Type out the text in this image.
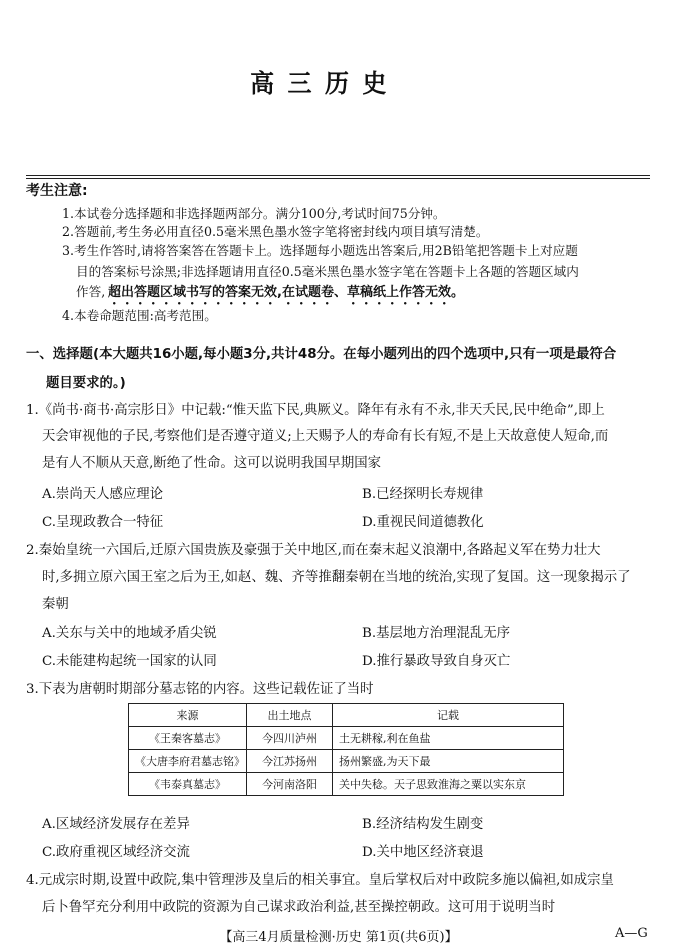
高三历史
考生注意:
1.本试卷分选择题和非选择题两部分。满分100分,考试时间75分钟。
2.答题前,考生务必用直径0.5毫米黑色墨水签字笔将密封线内项目填写清楚。
3.考生作答时,请将答案答在答题卡上。选择题每小题选出答案后,用2B铅笔把答题卡上对应题
目的答案标号涂黑;非选择题请用直径0.5毫米黑色墨水签字笔在答题卡上各题的答题区域内
作答, 超出答题区域书写的答案无效,在试题卷、草稿纸上作答无效。
4.本卷命题范围:高考范围。
一、选择题(本大题共16小题,每小题3分,共计48分。在每小题列出的四个选项中,只有一项是最符合
题目要求的。)
1.《尚书·商书·高宗肜日》中记载:“惟天监下民,典厥义。降年有永有不永,非天夭民,民中绝命”,即上
天会审视他的子民,考察他们是否遵守道义;上天赐予人的寿命有长有短,不是上天故意使人短命,而
是有人不顺从天意,断绝了性命。这可以说明我国早期国家
A.崇尚天人感应理论	B.已经探明长寿规律
C.呈现政教合一特征	D.重视民间道德教化
2.秦始皇统一六国后,迁原六国贵族及豪强于关中地区,而在秦末起义浪潮中,各路起义军在势力壮大
时,多拥立原六国王室之后为王,如赵、魏、齐等推翻秦朝在当地的统治,实现了复国。这一现象揭示了
秦朝
A.关东与关中的地域矛盾尖锐	B.基层地方治理混乱无序
C.未能建构起统一国家的认同	D.推行暴政导致自身灭亡
3.下表为唐朝时期部分墓志铭的内容。这些记载佐证了当时
来源	出土地点	记载
《王秦客墓志》	今四川泸州	土无耕稼,利在鱼盐
《大唐李府君墓志铭》	今江苏扬州	扬州繁盛,为天下最
《韦泰真墓志》	今河南洛阳	关中失稔。天子思致淮海之粟以实东京
A.区域经济发展存在差异	B.经济结构发生剧变
C.政府重视区域经济交流	D.关中地区经济衰退
4.元成宗时期,设置中政院,集中管理涉及皇后的相关事宜。皇后掌权后对中政院多施以偏袒,如成宗皇
后卜鲁罕充分利用中政院的资源为自己谋求政治利益,甚至操控朝政。这可用于说明当时
【高三4月质量检测·历史 第1页(共6页)】	A—G
